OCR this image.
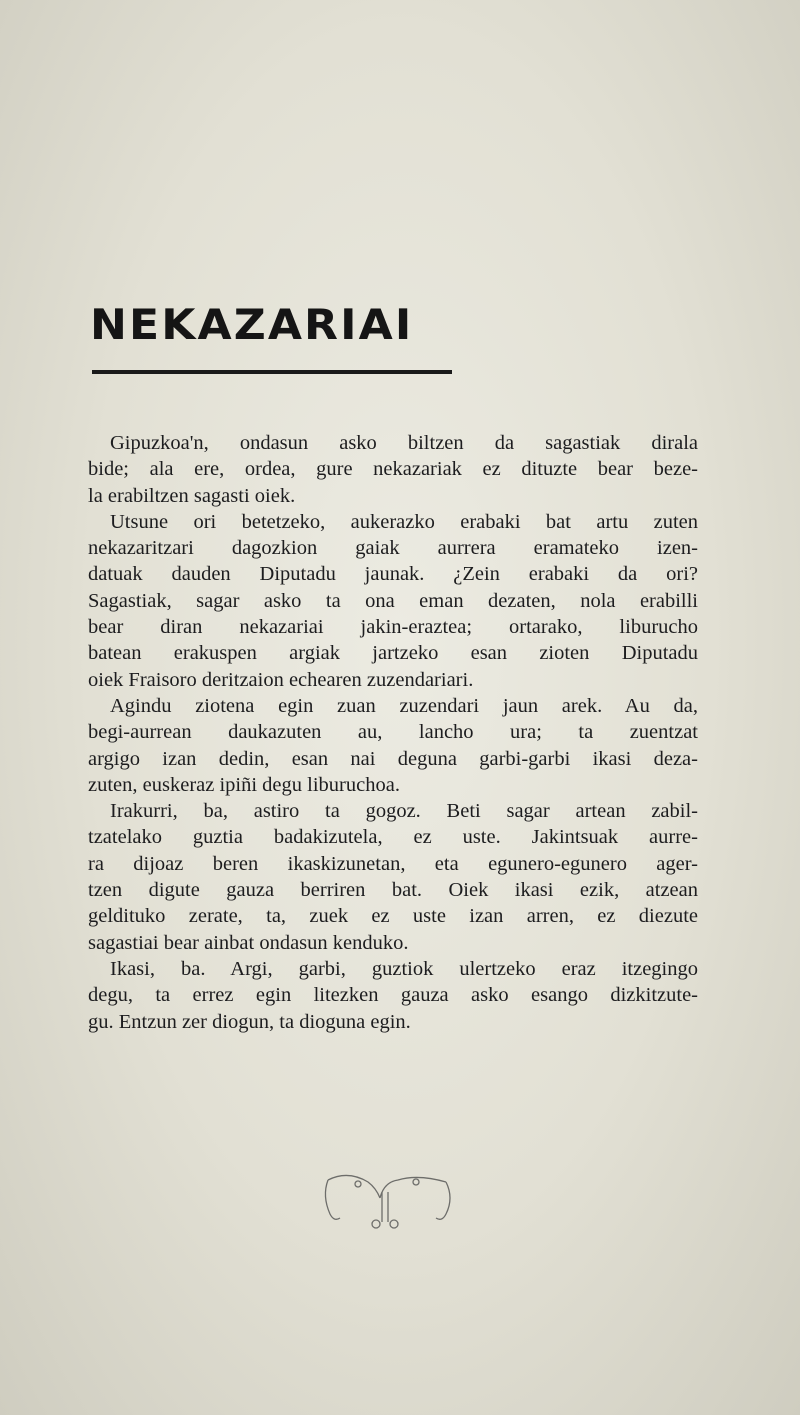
NEKAZARIAI
Gipuzkoa'n, ondasun asko biltzen da sagastiak dirala
bide; ala ere, ordea, gure nekazariak ez dituzte bear beze-
la erabiltzen sagasti oiek.
Utsune ori betetzeko, aukerazko erabaki bat artu zuten
nekazaritzari dagozkion gaiak aurrera eramateko izen-
datuak dauden Diputadu jaunak. ¿Zein erabaki da ori?
Sagastiak, sagar asko ta ona eman dezaten, nola erabilli
bear diran nekazariai jakin-eraztea; ortarako, liburucho
batean erakuspen argiak jartzeko esan zioten Diputadu
oiek Fraisoro deritzaion echearen zuzendariari.
Agindu ziotena egin zuan zuzendari jaun arek. Au da,
begi-aurrean daukazuten au, lancho ura; ta zuentzat
argigo izan dedin, esan nai deguna garbi-garbi ikasi deza-
zuten, euskeraz ipiñi degu liburuchoa.
Irakurri, ba, astiro ta gogoz. Beti sagar artean zabil-
tzatelako guztia badakizutela, ez uste. Jakintsuak aurre-
ra dijoaz beren ikaskizunetan, eta egunero-egunero ager-
tzen digute gauza berriren bat. Oiek ikasi ezik, atzean
gelditukо zerate, ta, zuek ez uste izan arren, ez diezute
sagastiai bear ainbat ondasun kenduko.
Ikasi, ba. Argi, garbi, guztiok ulertzeko eraz itzegingo
degu, ta errez egin litezken gauza asko esango dizkitzute-
gu. Entzun zer diogun, ta dioguna egin.
